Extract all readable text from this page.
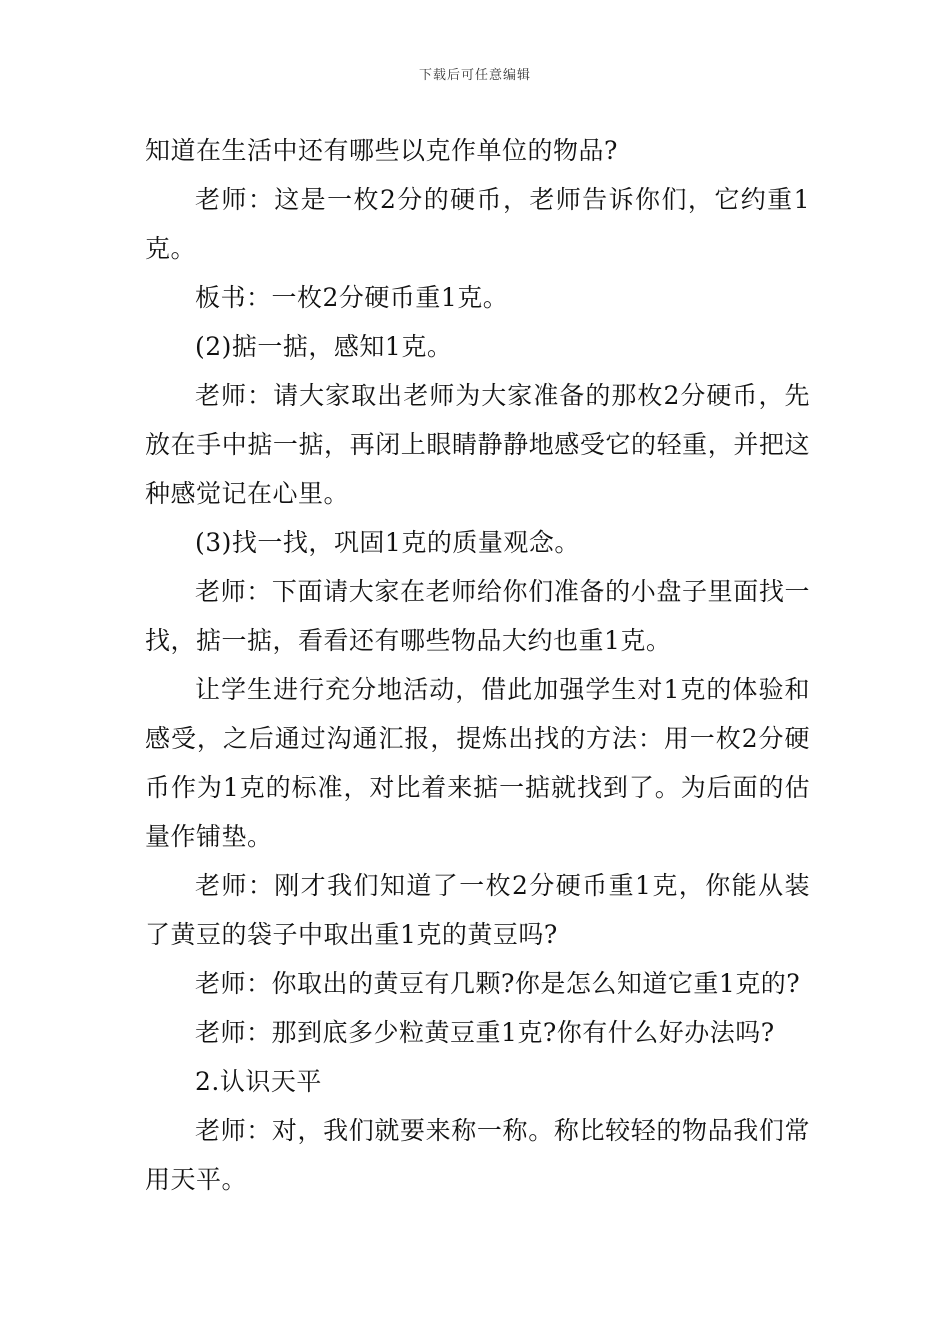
下载后可任意编辑

知道在生活中还有哪些以克作单位的物品?

老师：这是一枚2分的硬币，老师告诉你们，它约重1克。

板书：一枚2分硬币重1克。

(2)掂一掂，感知1克。

老师：请大家取出老师为大家准备的那枚2分硬币，先放在手中掂一掂，再闭上眼睛静静地感受它的轻重，并把这种感觉记在心里。

(3)找一找，巩固1克的质量观念。

老师：下面请大家在老师给你们准备的小盘子里面找一找，掂一掂，看看还有哪些物品大约也重1克。

让学生进行充分地活动，借此加强学生对1克的体验和感受，之后通过沟通汇报，提炼出找的方法：用一枚2分硬币作为1克的标准，对比着来掂一掂就找到了。为后面的估量作铺垫。

老师：刚才我们知道了一枚2分硬币重1克，你能从装了黄豆的袋子中取出重1克的黄豆吗?

老师：你取出的黄豆有几颗?你是怎么知道它重1克的?

老师：那到底多少粒黄豆重1克?你有什么好办法吗?

2.认识天平

老师：对，我们就要来称一称。称比较轻的物品我们常用天平。
